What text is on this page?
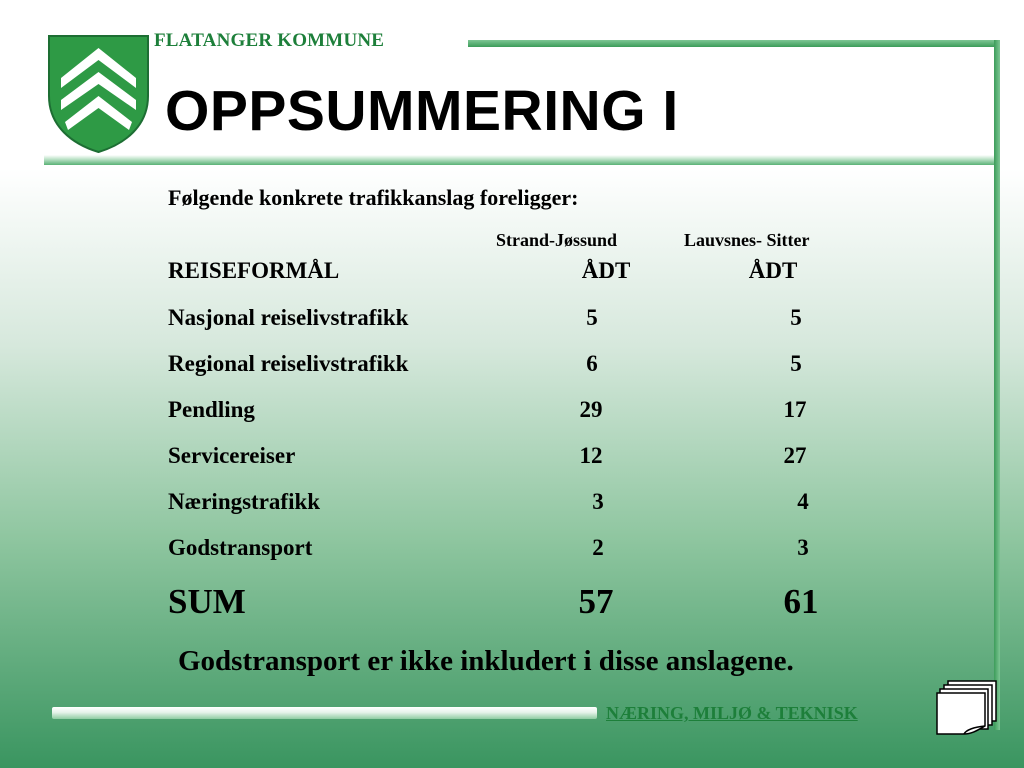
FLATANGER KOMMUNE
OPPSUMMERING I
Følgende konkrete trafikkanslag foreligger:
Strand-Jøssund	Lauvsnes- Sitter
REISEFORMÅL	ÅDT	ÅDT
Nasjonal reiselivstrafikk	5	5
Regional reiselivstrafikk	6	5
Pendling	29	17
Servicereiser	12	27
Næringstrafikk	3	4
Godstransport	2	3
SUM	57	61
Godstransport er ikke inkludert i disse anslagene.
NÆRING, MILJØ & TEKNISK
